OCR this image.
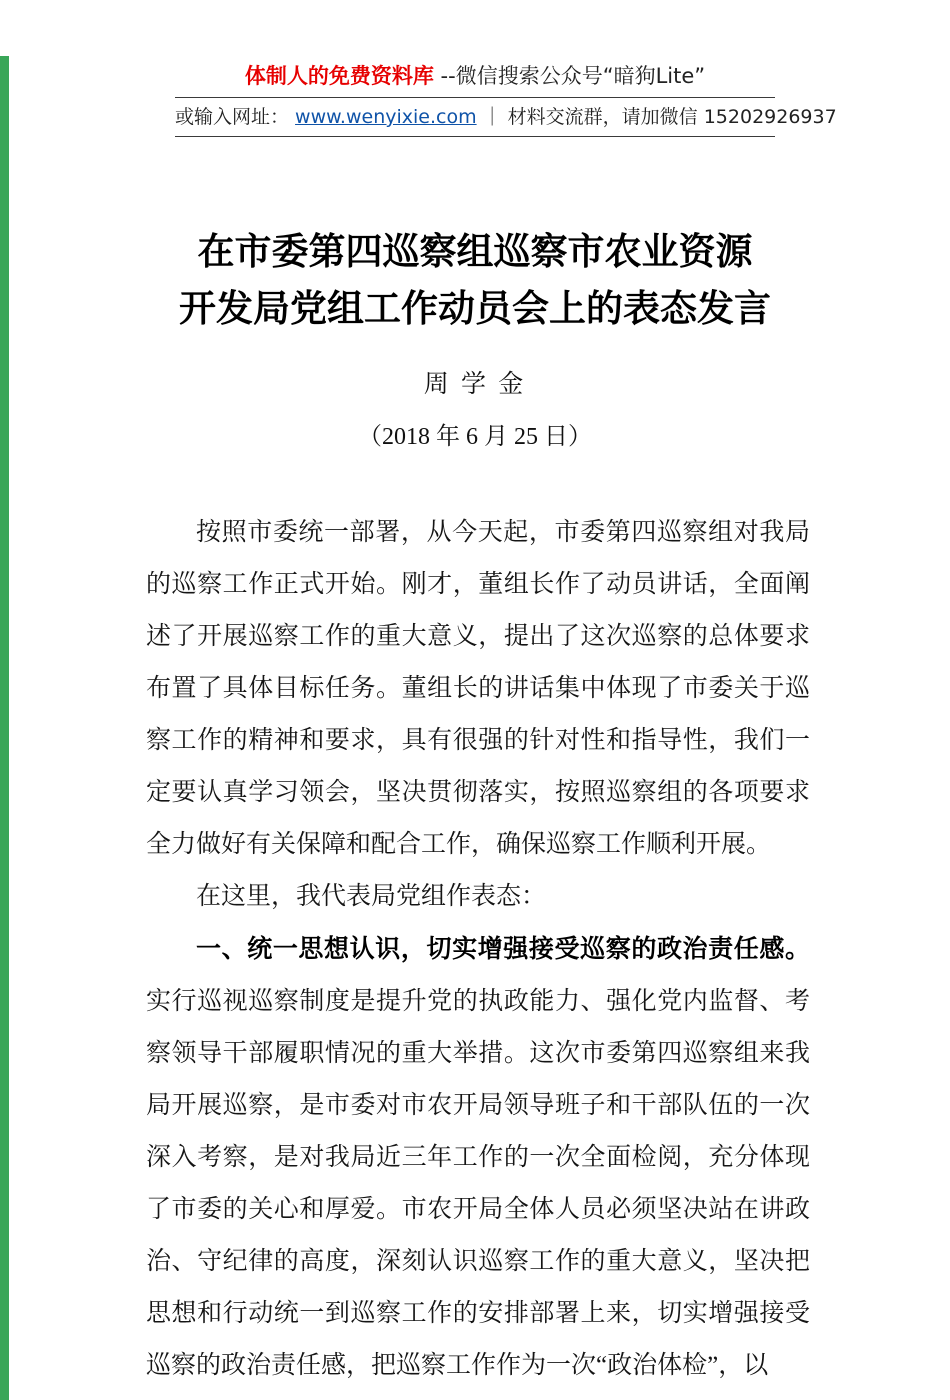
体制人的免费资料库 --微信搜索公众号“暗狗Lite”
或输入网址： www.wenyixie.com ｜ 材料交流群，请加微信 15202926937
在市委第四巡察组巡察市农业资源
开发局党组工作动员会上的表态发言
周 学 金
（2018 年 6 月 25 日）

按照市委统一部署，从今天起，市委第四巡察组对我局的巡察工作正式开始。刚才，董组长作了动员讲话，全面阐述了开展巡察工作的重大意义，提出了这次巡察的总体要求布置了具体目标任务。董组长的讲话集中体现了市委关于巡察工作的精神和要求，具有很强的针对性和指导性，我们一定要认真学习领会，坚决贯彻落实，按照巡察组的各项要求全力做好有关保障和配合工作，确保巡察工作顺利开展。

在这里，我代表局党组作表态：

一、统一思想认识，切实增强接受巡察的政治责任感。实行巡视巡察制度是提升党的执政能力、强化党内监督、考察领导干部履职情况的重大举措。这次市委第四巡察组来我局开展巡察，是市委对市农开局领导班子和干部队伍的一次深入考察，是对我局近三年工作的一次全面检阅，充分体现了市委的关心和厚爱。市农开局全体人员必须坚决站在讲政治、守纪律的高度，深刻认识巡察工作的重大意义，坚决把思想和行动统一到巡察工作的安排部署上来，切实增强接受巡察的政治责任感，把巡察工作作为一次“政治体检”，以
